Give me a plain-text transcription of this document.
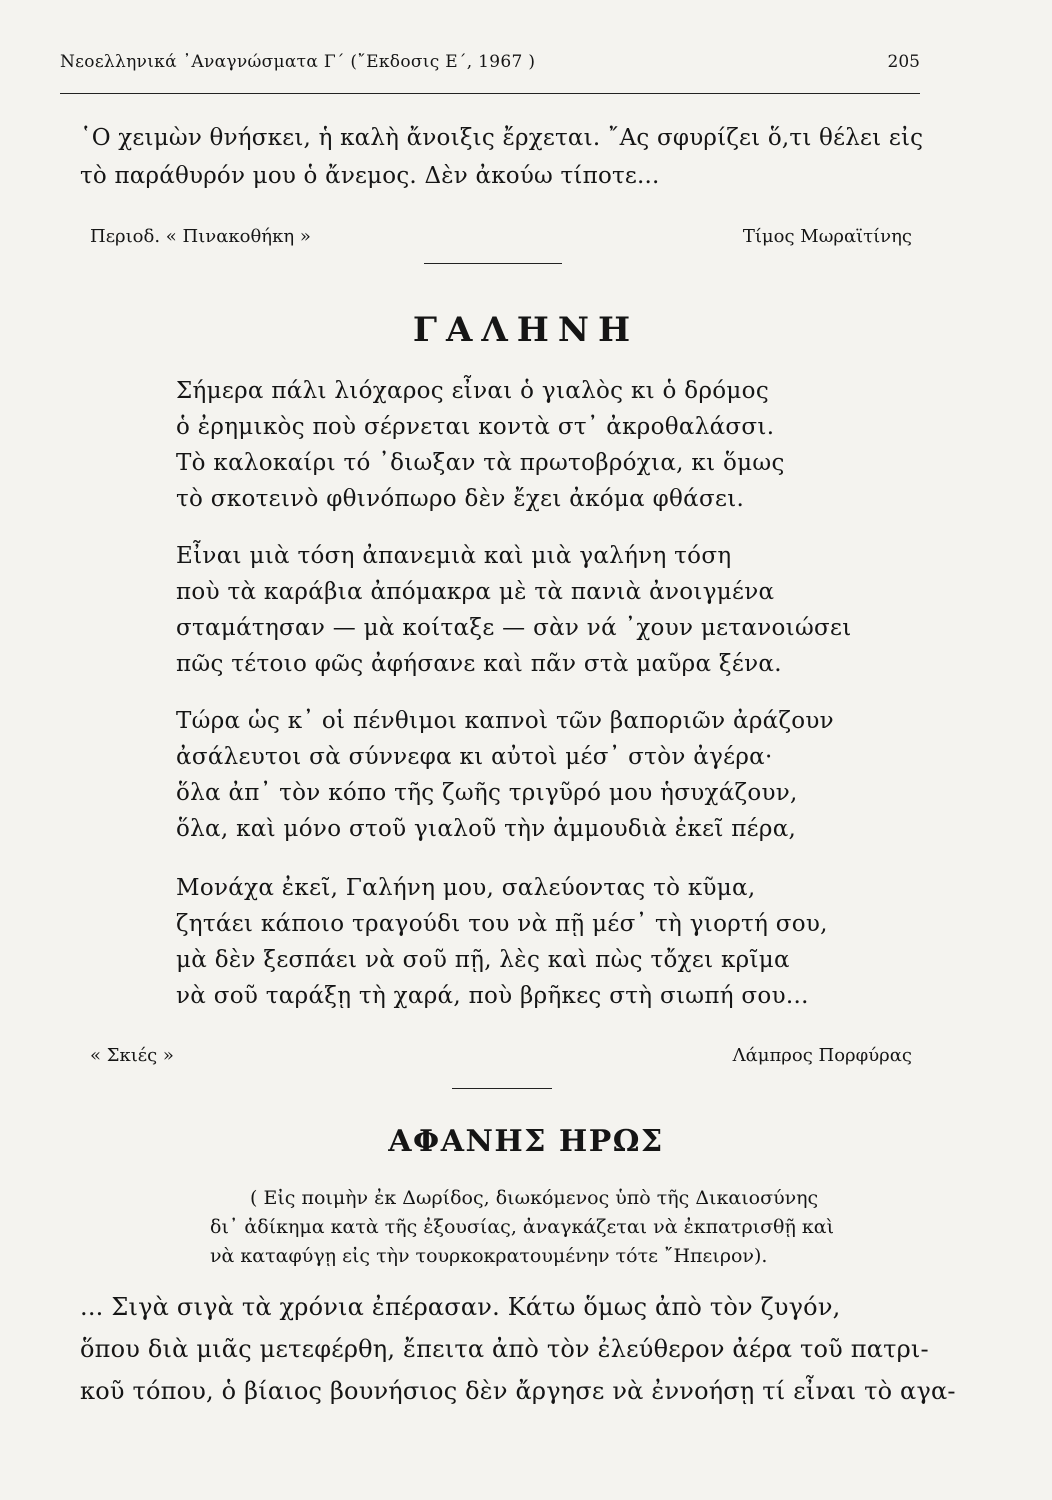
Νεοελληνικά ᾿Αναγνώσματα Γ΄ (῎Εκδοσις Ε΄, 1967 )	205
῾Ο χειμὼν θνήσκει, ἡ καλὴ ἄνοιξις ἔρχεται. ῎Ας σφυρίζει ὅ,τι θέλει εἰς
τὸ παράθυρόν μου ὁ ἄνεμος. Δὲν ἀκούω τίποτε...
Περιοδ. « Πινακοθήκη »	Τίμος Μωραϊτίνης
ΓΑΛΗΝΗ
Σήμερα πάλι λιόχαρος εἶναι ὁ γιαλὸς κι ὁ δρόμος
ὁ ἐρημικὸς ποὺ σέρνεται κοντὰ στ᾿ ἀκροθαλάσσι.
Τὸ καλοκαίρι τό ᾿διωξαν τὰ πρωτοβρόχια, κι ὅμως
τὸ σκοτεινὸ φθινόπωρο δὲν ἔχει ἀκόμα φθάσει.
Εἶναι μιὰ τόση ἀπανεμιὰ καὶ μιὰ γαλήνη τόση
ποὺ τὰ καράβια ἀπόμακρα μὲ τὰ πανιὰ ἀνοιγμένα
σταμάτησαν — μὰ κοίταξε — σὰν νά ᾿χουν μετανοιώσει
πῶς τέτοιο φῶς ἀφήσανε καὶ πᾶν στὰ μαῦρα ξένα.
Τώρα ὡς κ᾿ οἱ πένθιμοι καπνοὶ τῶν βαποριῶν ἀράζουν
ἀσάλευτοι σὰ σύννεφα κι αὐτοὶ μέσ᾿ στὸν ἀγέρα·
ὅλα ἀπ᾿ τὸν κόπο τῆς ζωῆς τριγῦρό μου ἡσυχάζουν,
ὅλα, καὶ μόνο στοῦ γιαλοῦ τὴν ἀμμουδιὰ ἐκεῖ πέρα,
Μονάχα ἐκεῖ, Γαλήνη μου, σαλεύοντας τὸ κῦμα,
ζητάει κάποιο τραγούδι του νὰ πῇ μέσ᾿ τὴ γιορτή σου,
μὰ δὲν ξεσπάει νὰ σοῦ πῇ, λὲς καὶ πὼς τὄχει κρῖμα
νὰ σοῦ ταράξῃ τὴ χαρά, ποὺ βρῆκες στὴ σιωπή σου...
« Σκιές »	Λάμπρος Πορφύρας
ΑΦΑΝΗΣ ΗΡΩΣ
( Εἰς ποιμὴν ἐκ Δωρίδος, διωκόμενος ὑπὸ τῆς Δικαιοσύνης
δι᾿ ἀδίκημα κατὰ τῆς ἐξουσίας, ἀναγκάζεται νὰ ἐκπατρισθῇ καὶ
νὰ καταφύγῃ εἰς τὴν τουρκοκρατουμένην τότε ῎Ηπειρον).
... Σιγὰ σιγὰ τὰ χρόνια ἐπέρασαν. Κάτω ὅμως ἀπὸ τὸν ζυγόν,
ὅπου διὰ μιᾶς μετεφέρθη, ἔπειτα ἀπὸ τὸν ἐλεύθερον ἀέρα τοῦ πατρι-
κοῦ τόπου, ὁ βίαιος βουνήσιος δὲν ἄργησε νὰ ἐννοήσῃ τί εἶναι τὸ αγα-
